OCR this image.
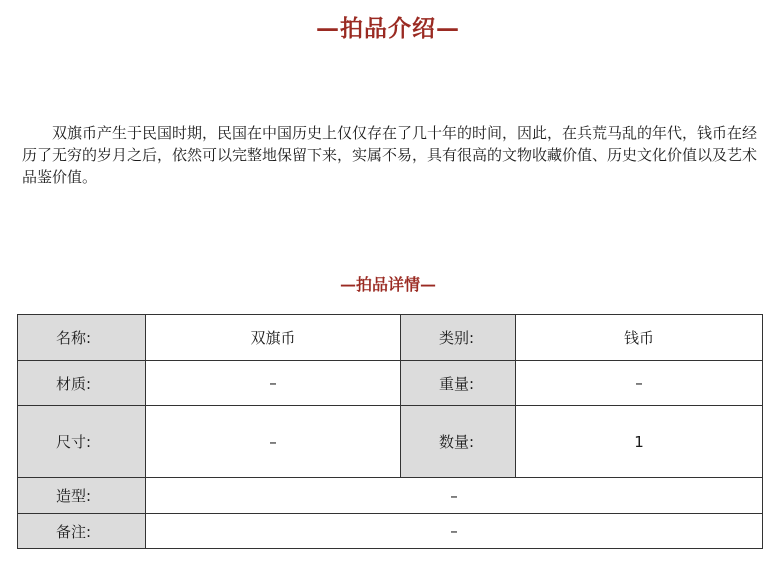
—拍品介绍—

双旗币产生于民国时期，民国在中国历史上仅仅存在了几十年的时间，因此，在兵荒马乱的年代，钱币在经历了无穷的岁月之后，依然可以完整地保留下来，实属不易，具有很高的文物收藏价值、历史文化价值以及艺术品鉴价值。

—拍品详情—
名称:	双旗币	类别:	钱币
材质:	–	重量:	–
尺寸:	–	数量:	1
造型:	–		
备注:	–		
